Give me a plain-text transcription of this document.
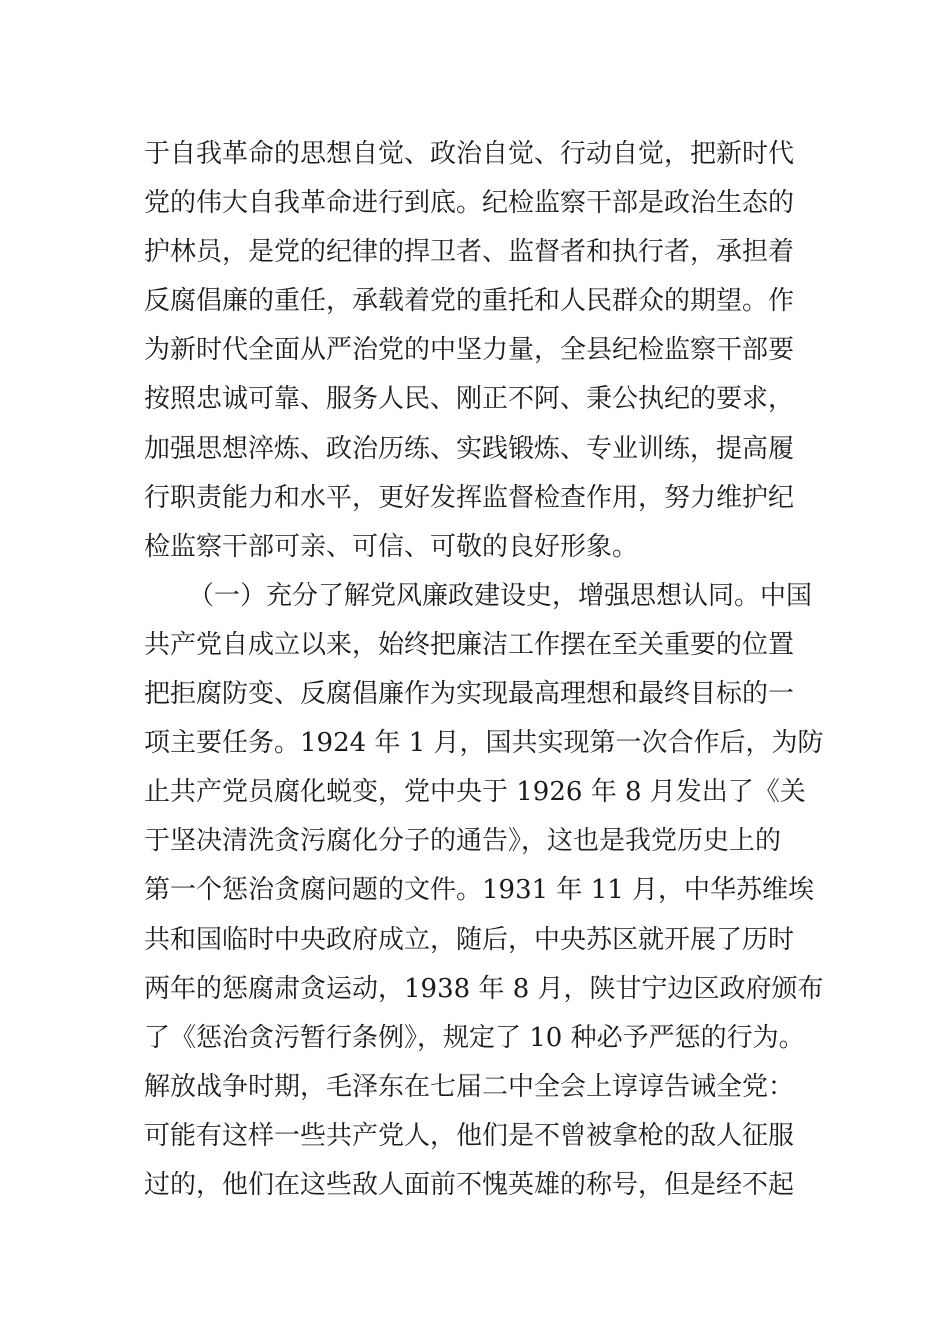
于自我革命的思想自觉、政治自觉、行动自觉，把新时代
党的伟大自我革命进行到底。纪检监察干部是政治生态的
护林员，是党的纪律的捍卫者、监督者和执行者，承担着
反腐倡廉的重任，承载着党的重托和人民群众的期望。作
为新时代全面从严治党的中坚力量，全县纪检监察干部要
按照忠诚可靠、服务人民、刚正不阿、秉公执纪的要求，
加强思想淬炼、政治历练、实践锻炼、专业训练，提高履
行职责能力和水平，更好发挥监督检查作用，努力维护纪
检监察干部可亲、可信、可敬的良好形象。
（一）充分了解党风廉政建设史，增强思想认同。中国
共产党自成立以来，始终把廉洁工作摆在至关重要的位置
把拒腐防变、反腐倡廉作为实现最高理想和最终目标的一
项主要任务。1924 年 1 月，国共实现第一次合作后，为防
止共产党员腐化蜕变，党中央于 1926 年 8 月发出了《关
于坚决清洗贪污腐化分子的通告》，这也是我党历史上的
第一个惩治贪腐问题的文件。1931 年 11 月，中华苏维埃
共和国临时中央政府成立，随后，中央苏区就开展了历时
两年的惩腐肃贪运动，1938 年 8 月，陕甘宁边区政府颁布
了《惩治贪污暂行条例》，规定了 10 种必予严惩的行为。
解放战争时期，毛泽东在七届二中全会上谆谆告诫全党：
可能有这样一些共产党人，他们是不曾被拿枪的敌人征服
过的，他们在这些敌人面前不愧英雄的称号，但是经不起
